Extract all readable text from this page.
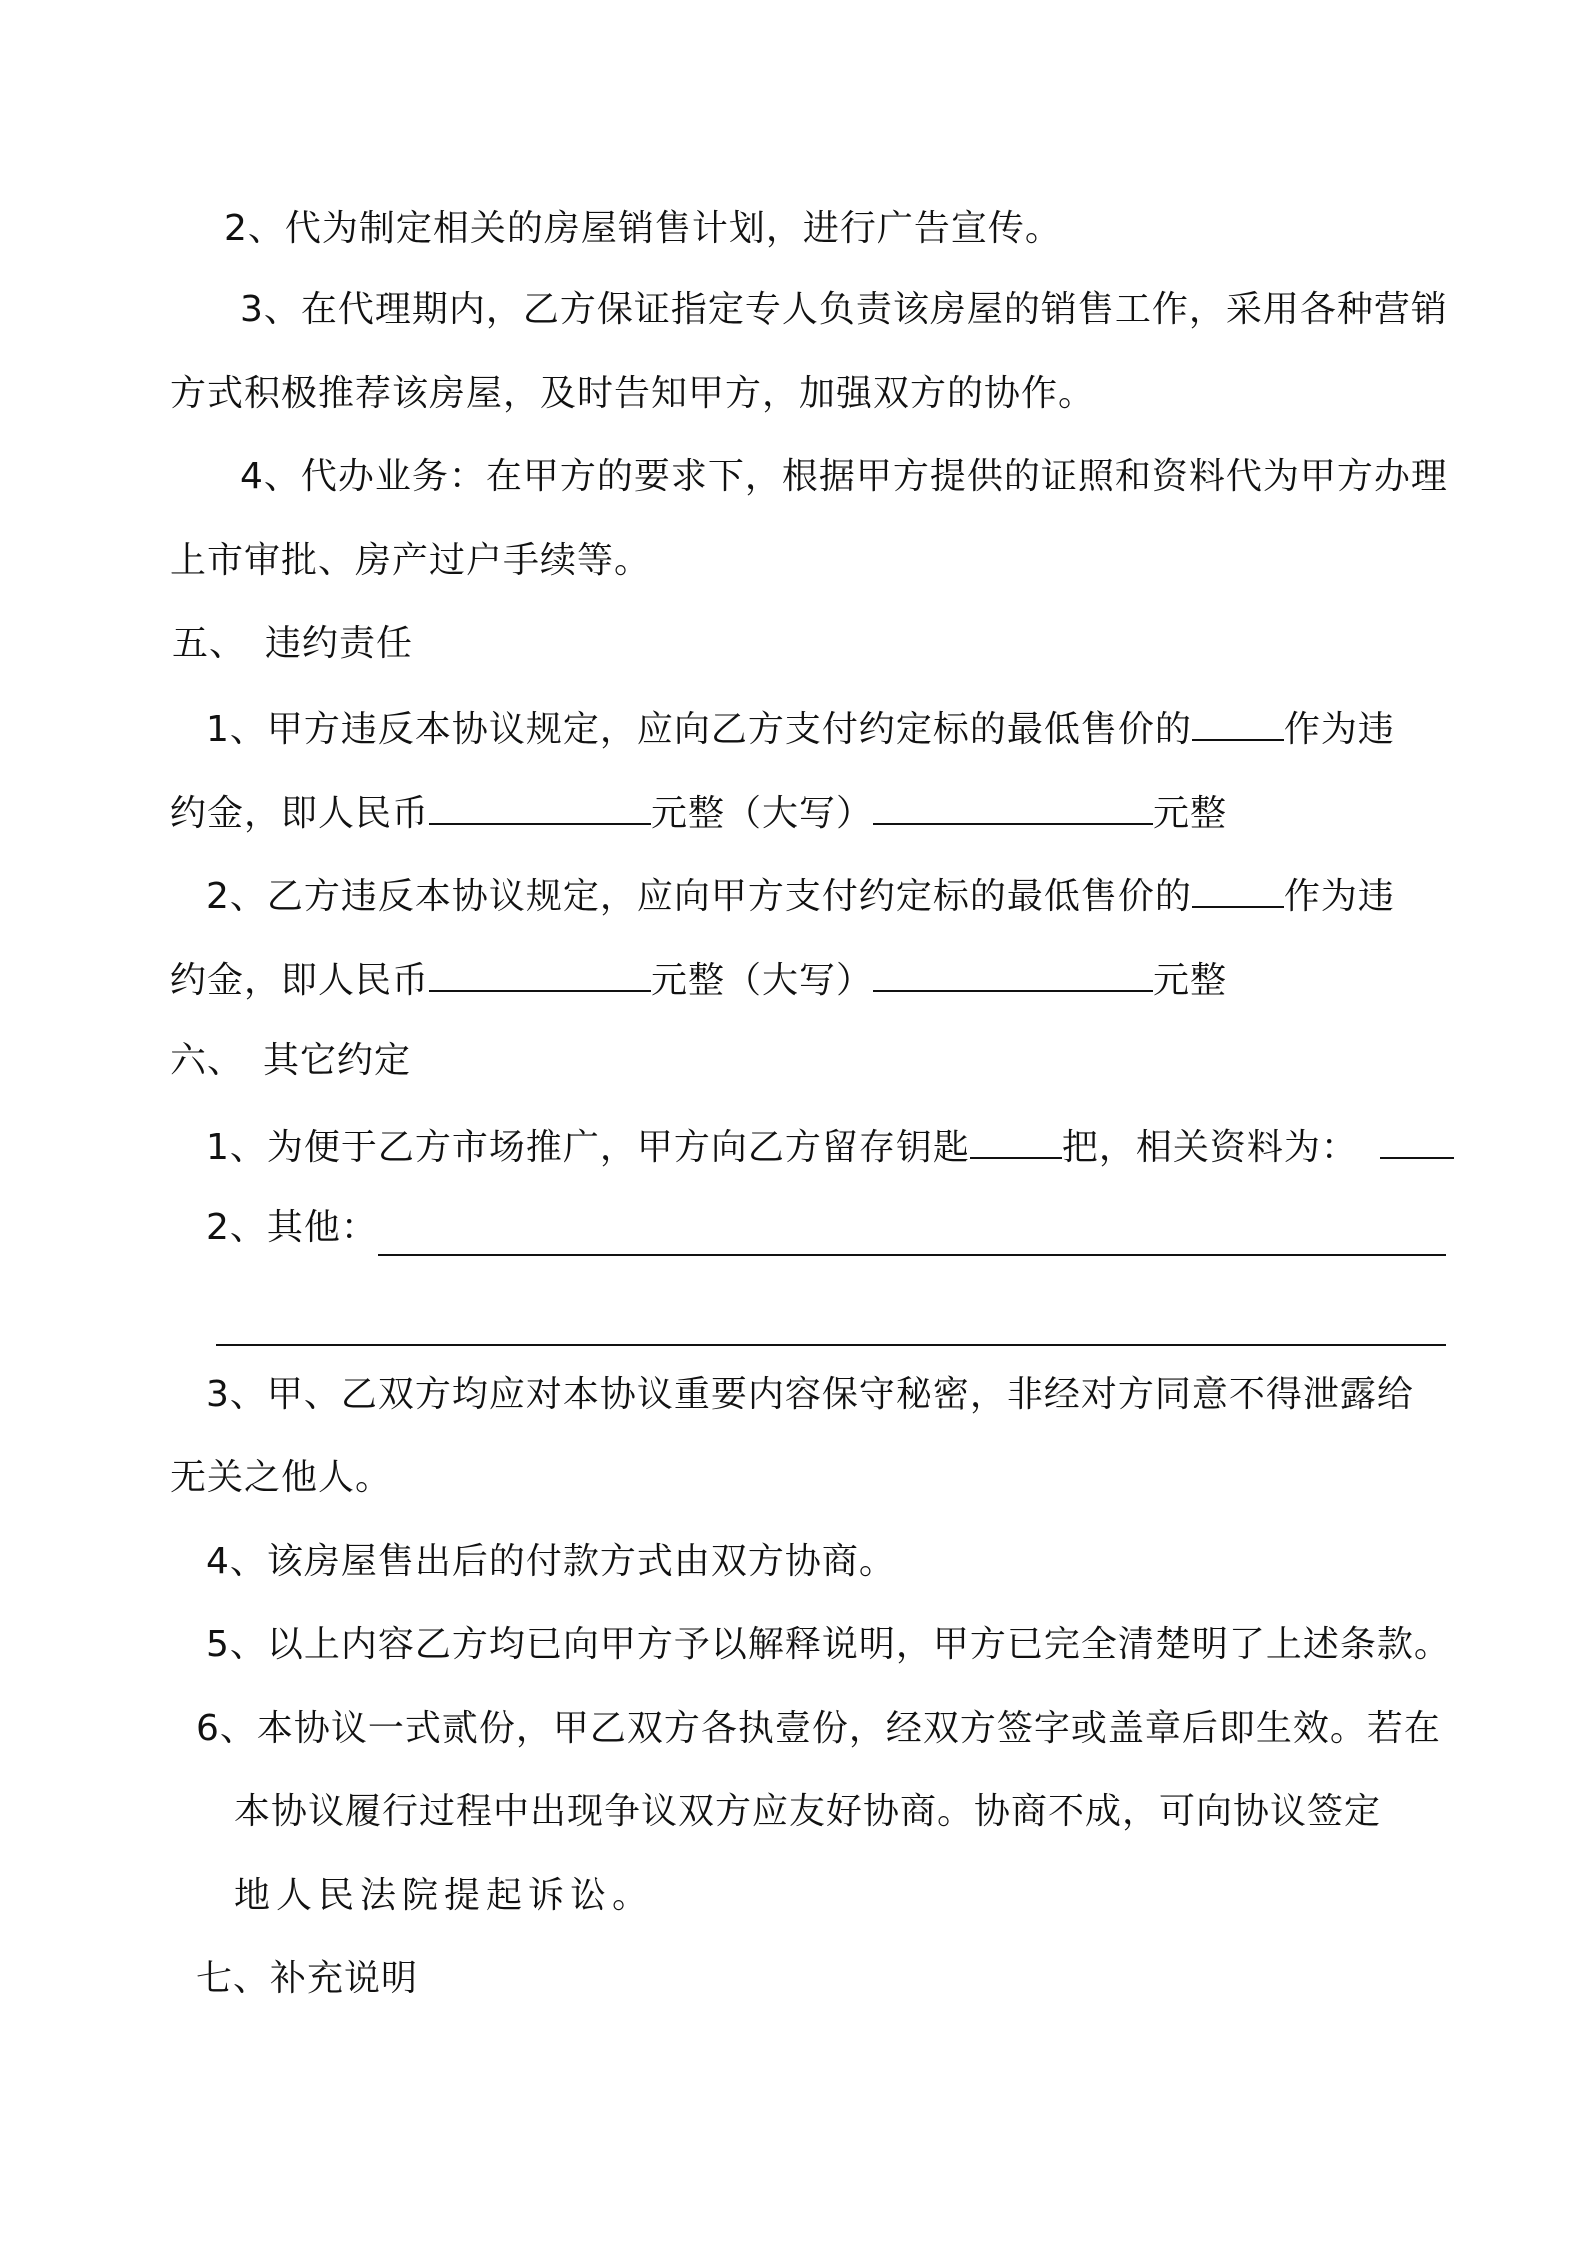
2、代为制定相关的房屋销售计划，进行广告宣传。
3、在代理期内，乙方保证指定专人负责该房屋的销售工作，采用各种营销
方式积极推荐该房屋，及时告知甲方，加强双方的协作。
4、代办业务：在甲方的要求下，根据甲方提供的证照和资料代为甲方办理
上市审批、房产过户手续等。
五、　违约责任
1、甲方违反本协议规定，应向乙方支付约定标的最低售价的	作为违
约金，即人民币	元整（大写）	元整
2、乙方违反本协议规定，应向甲方支付约定标的最低售价的	作为违
约金，即人民币	元整（大写）	元整
六、　其它约定
1、为便于乙方市场推广，甲方向乙方留存钥匙	把，相关资料为：
2、其他：
3、甲、乙双方均应对本协议重要内容保守秘密，非经对方同意不得泄露给
无关之他人。
4、该房屋售出后的付款方式由双方协商。
5、以上内容乙方均已向甲方予以解释说明，甲方已完全清楚明了上述条款。
6、本协议一式贰份，甲乙双方各执壹份，经双方签字或盖章后即生效。若在
本协议履行过程中出现争议双方应友好协商。协商不成，可向协议签定
地人民法院提起诉讼。
七、补充说明
